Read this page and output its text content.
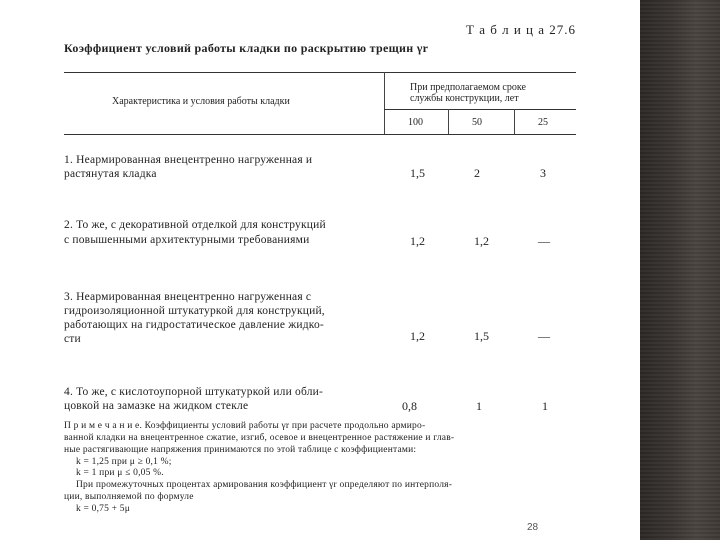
Т а б л и ц а 27.6
Коэффициент условий работы кладки по раскрытию трещин γr
Характеристика и условия работы кладки
При предполагаемом сроке
службы конструкции, лет
100	50	25
1. Неармированная внецентренно нагруженная и
растянутая кладка	1,5	2	3
2. То же, с декоративной отделкой для конструкций
с повышенными архитектурными требованиями	1,2	1,2	—
3. Неармированная внецентренно нагруженная с
гидроизоляционной штукатуркой для конструкций,
работающих на гидростатическое давление жидко-
сти	1,2	1,5	—
4. То же, с кислотоупорной штукатуркой или обли-
цовкой на замазке на жидком стекле	0,8	1	1
П р и м е ч а н и е. Коэффициенты условий работы γr при расчете продольно армиро-
ванной кладки на внецентренное сжатие, изгиб, осевое и внецентренное растяжение и глав-
ные растягивающие напряжения принимаются по этой таблице с коэффициентами:
k = 1,25 при μ ≥ 0,1 %;
k = 1 при μ ≤ 0,05 %.
При промежуточных процентах армирования коэффициент γr определяют по интерполя-
ции, выполняемой по формуле
k = 0,75 + 5μ
28
